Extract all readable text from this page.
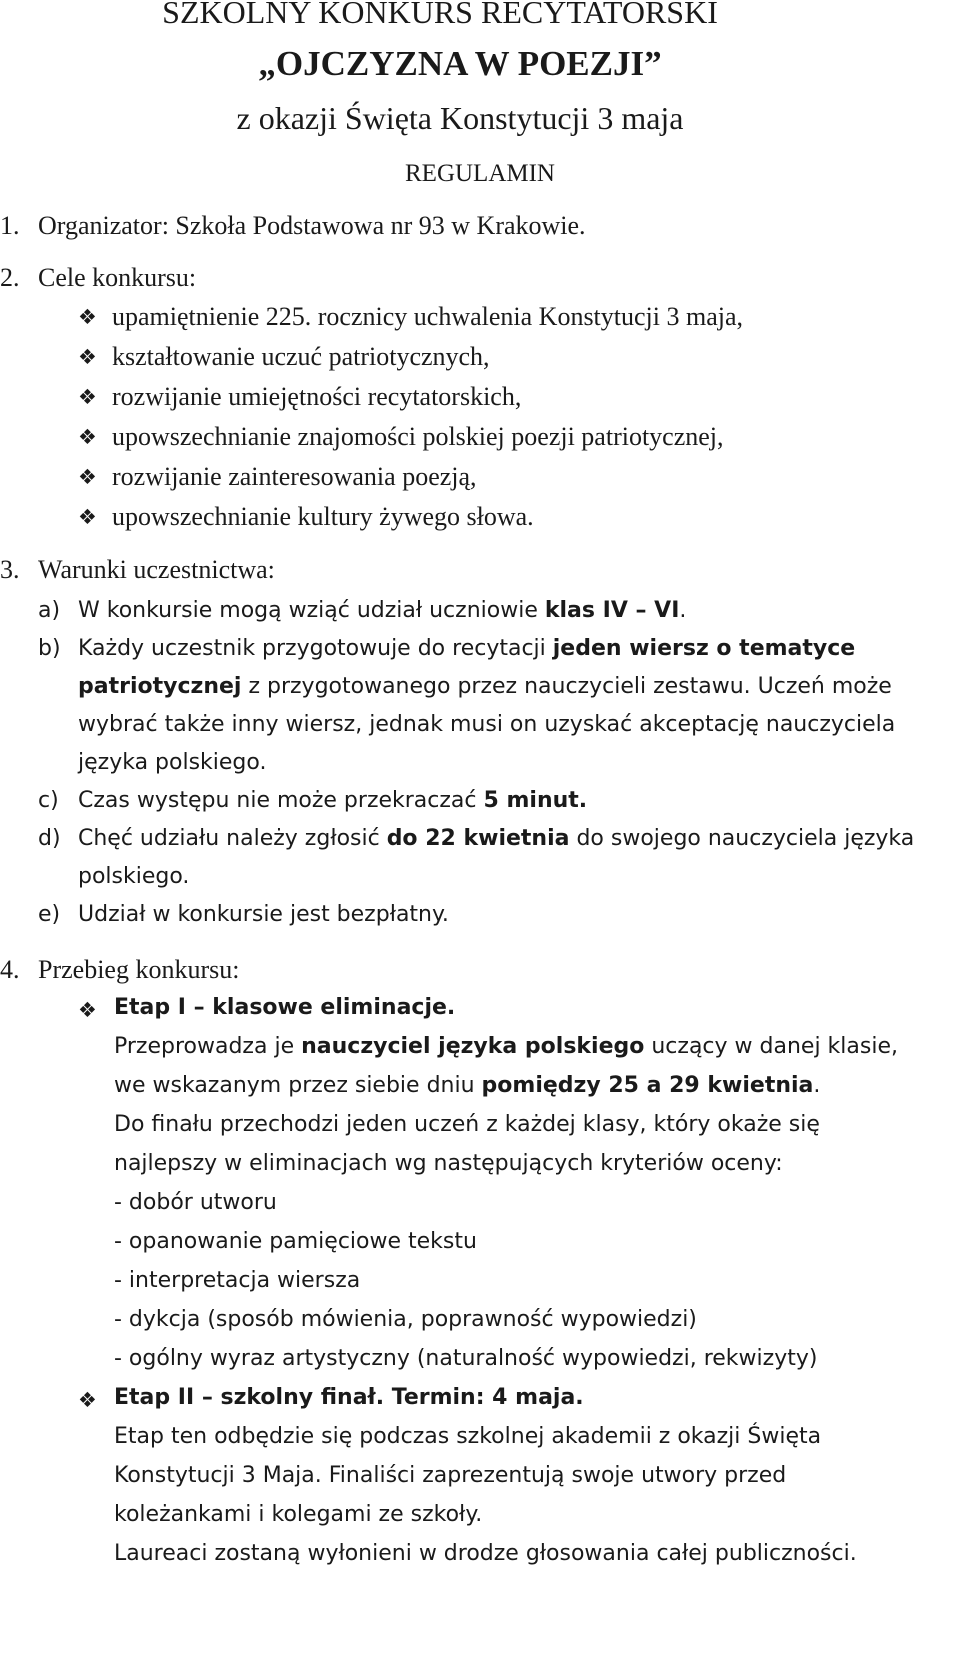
SZKOLNY KONKURS RECYTATORSKI
„OJCZYZNA W POEZJI”
z okazji Święta Konstytucji 3 maja
REGULAMIN
1. Organizator: Szkoła Podstawowa nr 93 w Krakowie.
2. Cele konkursu:
❖ upamiętnienie 225. rocznicy uchwalenia Konstytucji 3 maja,
❖ kształtowanie uczuć patriotycznych,
❖ rozwijanie umiejętności recytatorskich,
❖ upowszechnianie znajomości polskiej poezji patriotycznej,
❖ rozwijanie zainteresowania poezją,
❖ upowszechnianie kultury żywego słowa.
3. Warunki uczestnictwa:
a) W konkursie mogą wziąć udział uczniowie klas IV – VI.
b) Każdy uczestnik przygotowuje do recytacji jeden wiersz o tematyce
patriotycznej z przygotowanego przez nauczycieli zestawu. Uczeń może
wybrać także inny wiersz, jednak musi on uzyskać akceptację nauczyciela
języka polskiego.
c) Czas występu nie może przekraczać 5 minut.
d) Chęć udziału należy zgłosić do 22 kwietnia do swojego nauczyciela języka
polskiego.
e) Udział w konkursie jest bezpłatny.
4. Przebieg konkursu:
❖ Etap I – klasowe eliminacje.
Przeprowadza je nauczyciel języka polskiego uczący w danej klasie,
we wskazanym przez siebie dniu pomiędzy 25 a 29 kwietnia.
Do finału przechodzi jeden uczeń z każdej klasy, który okaże się
najlepszy w eliminacjach wg następujących kryteriów oceny:
- dobór utworu
- opanowanie pamięciowe tekstu
- interpretacja wiersza
- dykcja (sposób mówienia, poprawność wypowiedzi)
- ogólny wyraz artystyczny (naturalność wypowiedzi, rekwizyty)
❖ Etap II – szkolny finał. Termin: 4 maja.
Etap ten odbędzie się podczas szkolnej akademii z okazji Święta
Konstytucji 3 Maja. Finaliści zaprezentują swoje utwory przed
koleżankami i kolegami ze szkoły.
Laureaci zostaną wyłonieni w drodze głosowania całej publiczności.
